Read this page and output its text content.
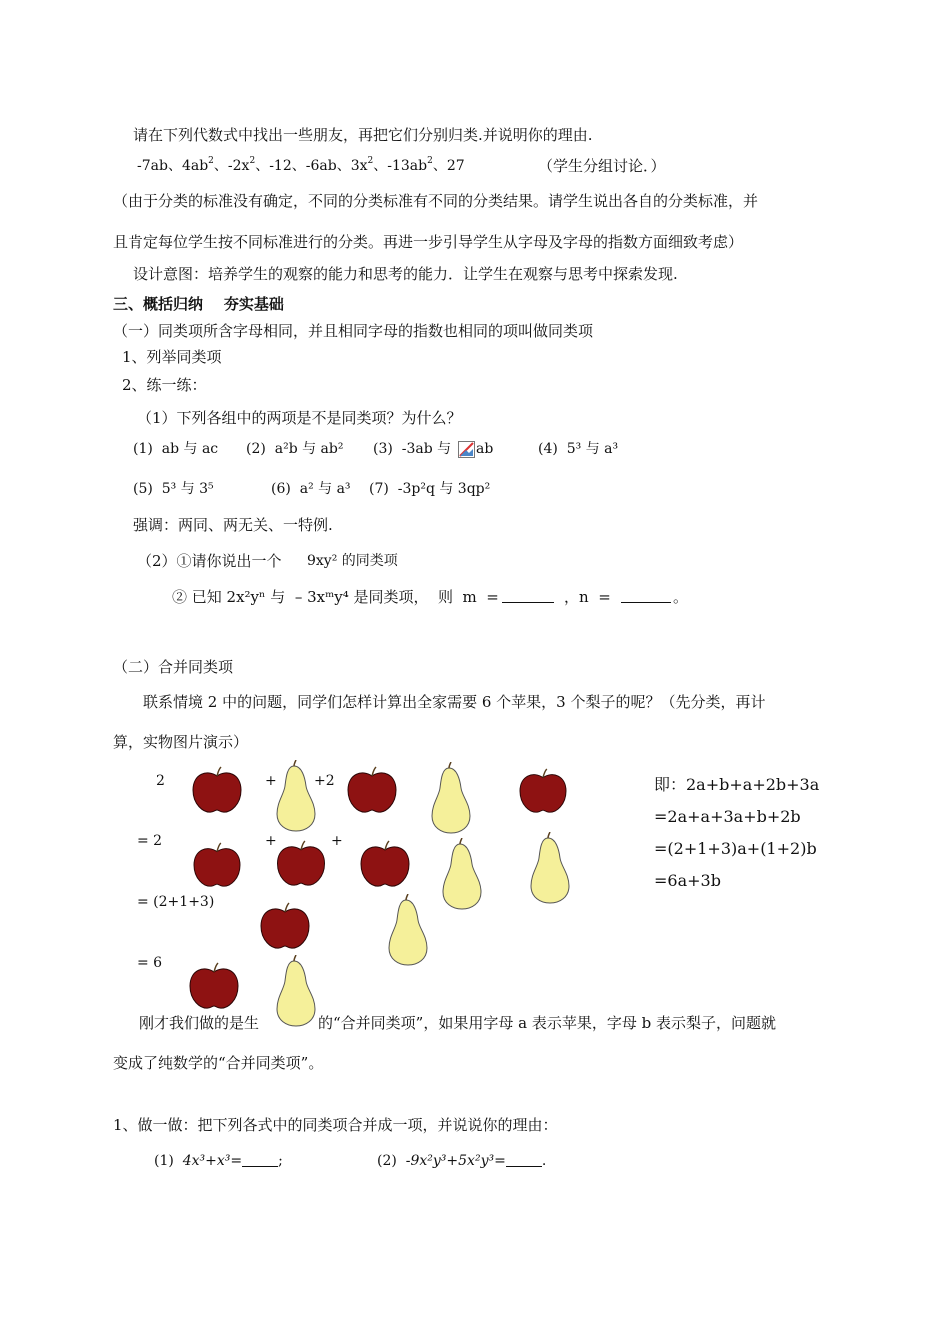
请在下列代数式中找出一些朋友，再把它们分别归类.并说明你的理由.
-7ab、$4ab^2$、$-2x^2$、-12、-6ab、$3x^2$、$-13ab^2$、27	（学生分组讨论．）
（由于分类的标准没有确定，不同的分类标准有不同的分类结果。请学生说出各自的分类标准，并
且肯定每位学生按不同标准进行的分类。再进一步引导学生从字母及字母的指数方面细致考虑）
设计意图：培养学生的观察的能力和思考的能力．让学生在观察与思考中探索发现.
三、概括归纳    夯实基础
（一）同类项所含字母相同，并且相同字母的指数也相同的项叫做同类项
1、列举同类项
2、练一练：
（1）下列各组中的两项是不是同类项？为什么？
(1)  ab 与 ac (2)  a²b 与 ab² (3)  -3ab 与 ab	(4)  5³ 与 a³
(5)  5³ 与 3⁵	(6)  a² 与 a³ (7)  -3p²q 与 3qp²
强调：两同、两无关、一特例.
（2）①请你说出一个 9xy² 的同类项
② 已知 2x²yⁿ 与  – 3xᵐy⁴ 是同类项， 则  m  =	，n  =	。
（二）合并同类项
联系情境 2 中的问题，同学们怎样计算出全家需要 6 个苹果，3 个梨子的呢？（先分类，再计
算，实物图片演示）
2	+	+2
= 2	+	+
= (2+1+3)
= 6
即：2a+b+a+2b+3a
=2a+a+3a+b+2b
=(2+1+3)a+(1+2)b
=6a+3b
刚才我们做的是生	的“合并同类项”，如果用字母 a 表示苹果，字母 b 表示梨子，问题就
变成了纯数学的“合并同类项”。
1、做一做：把下列各式中的同类项合并成一项，并说说你的理由：
(1) 4x³+x³=	;	(2) -9x²y³+5x²y³=	.
